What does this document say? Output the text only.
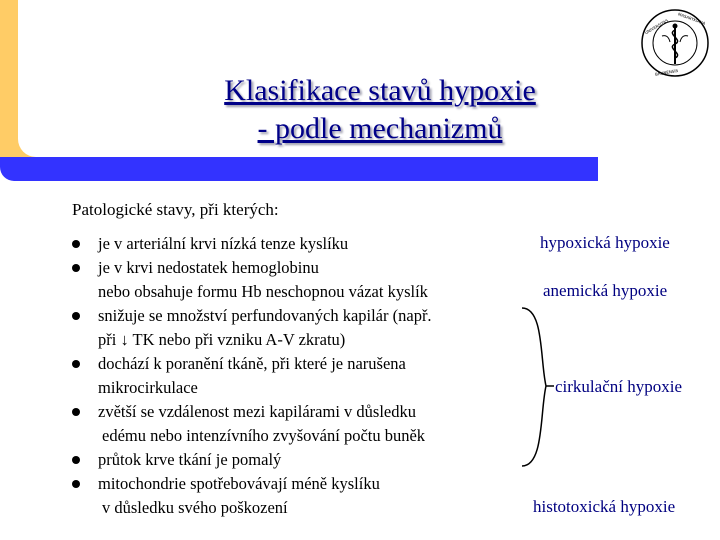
Klasifikace stavů hypoxie
- podle mechanizmů
UNIVERSITAS MASARYKIANA
BRUNENSIS
Patologické stavy, při kterých:
je v arteriální krvi nízká tenze kyslíku
je v krvi nedostatek hemoglobinu
nebo obsahuje formu Hb neschopnou vázat kyslík
snižuje se množství perfundovaných kapilár (např.
při ↓ TK nebo při vzniku A-V zkratu)
dochází k poranění tkáně, při které je narušena
mikrocirkulace
zvětší se vzdálenost mezi kapilárami v důsledku
edému nebo intenzívního zvyšování počtu buněk
průtok krve tkání je pomalý
mitochondrie spotřebovávají méně kyslíku
v důsledku svého poškození
hypoxická hypoxie
anemická hypoxie
cirkulační hypoxie
histotoxická hypoxie
